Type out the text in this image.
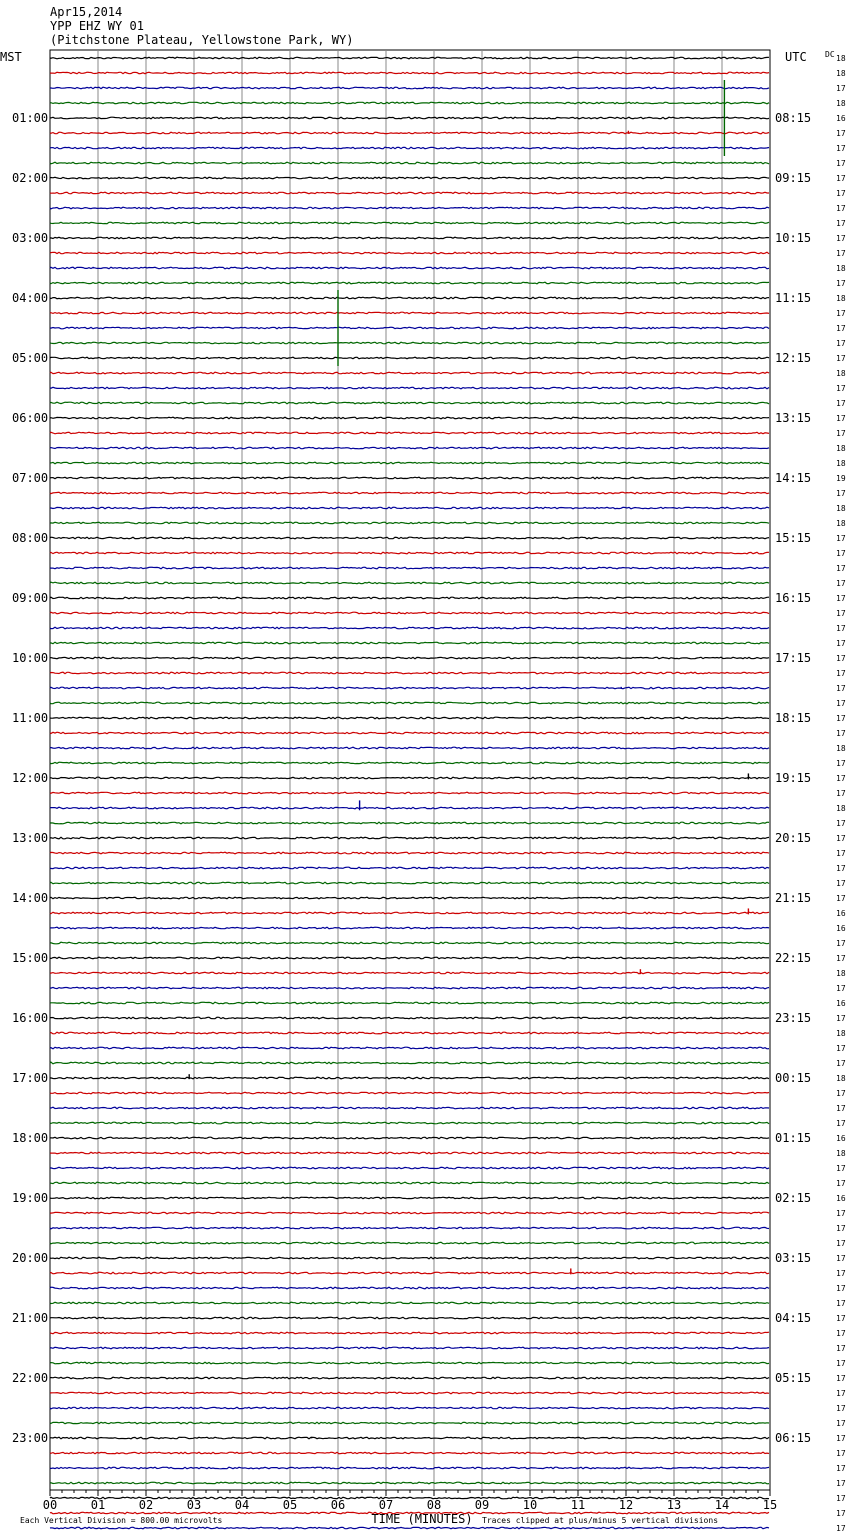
Apr15,2014
YPP EHZ WY 01
(Pitchstone Plateau, Yellowstone Park, WY)
MST	UTC DC
01:00
02:00
03:00
04:00
05:00
06:00
07:00
08:00
09:00
10:00
11:00
12:00
13:00
14:00
15:00
16:00
17:00
18:00
19:00
20:00
21:00
22:00
23:00
08:15
09:15
10:15
11:15
12:15
13:15
14:15
15:15
16:15
17:15
18:15
19:15
20:15
21:15
22:15
23:15
00:15
01:15
02:15
03:15
04:15
05:15
06:15
18
18
17
18
16
17
17
17
17
17
17
17
17
17
18
17
18
17
17
17
17
18
17
17
17
17
18
18
19
17
18
18
17
17
17
17
17
17
17
17
17
17
17
17
17
17
18
17
17
17
18
17
17
17
17
17
17
16
16
17
17
18
17
16
17
18
17
17
18
17
17
17
16
18
17
17
16
17
17
17
17
17
17
17
17
17
17
17
17
17
17
17
17
17
17
17
17
17
17
00	01	02	03	04	05	06	07	08	09	10	11	12	13	14	15
Each Vertical Division = 800.00 microvolts	TIME (MINUTES) Traces clipped at plus/minus 5 vertical divisions
